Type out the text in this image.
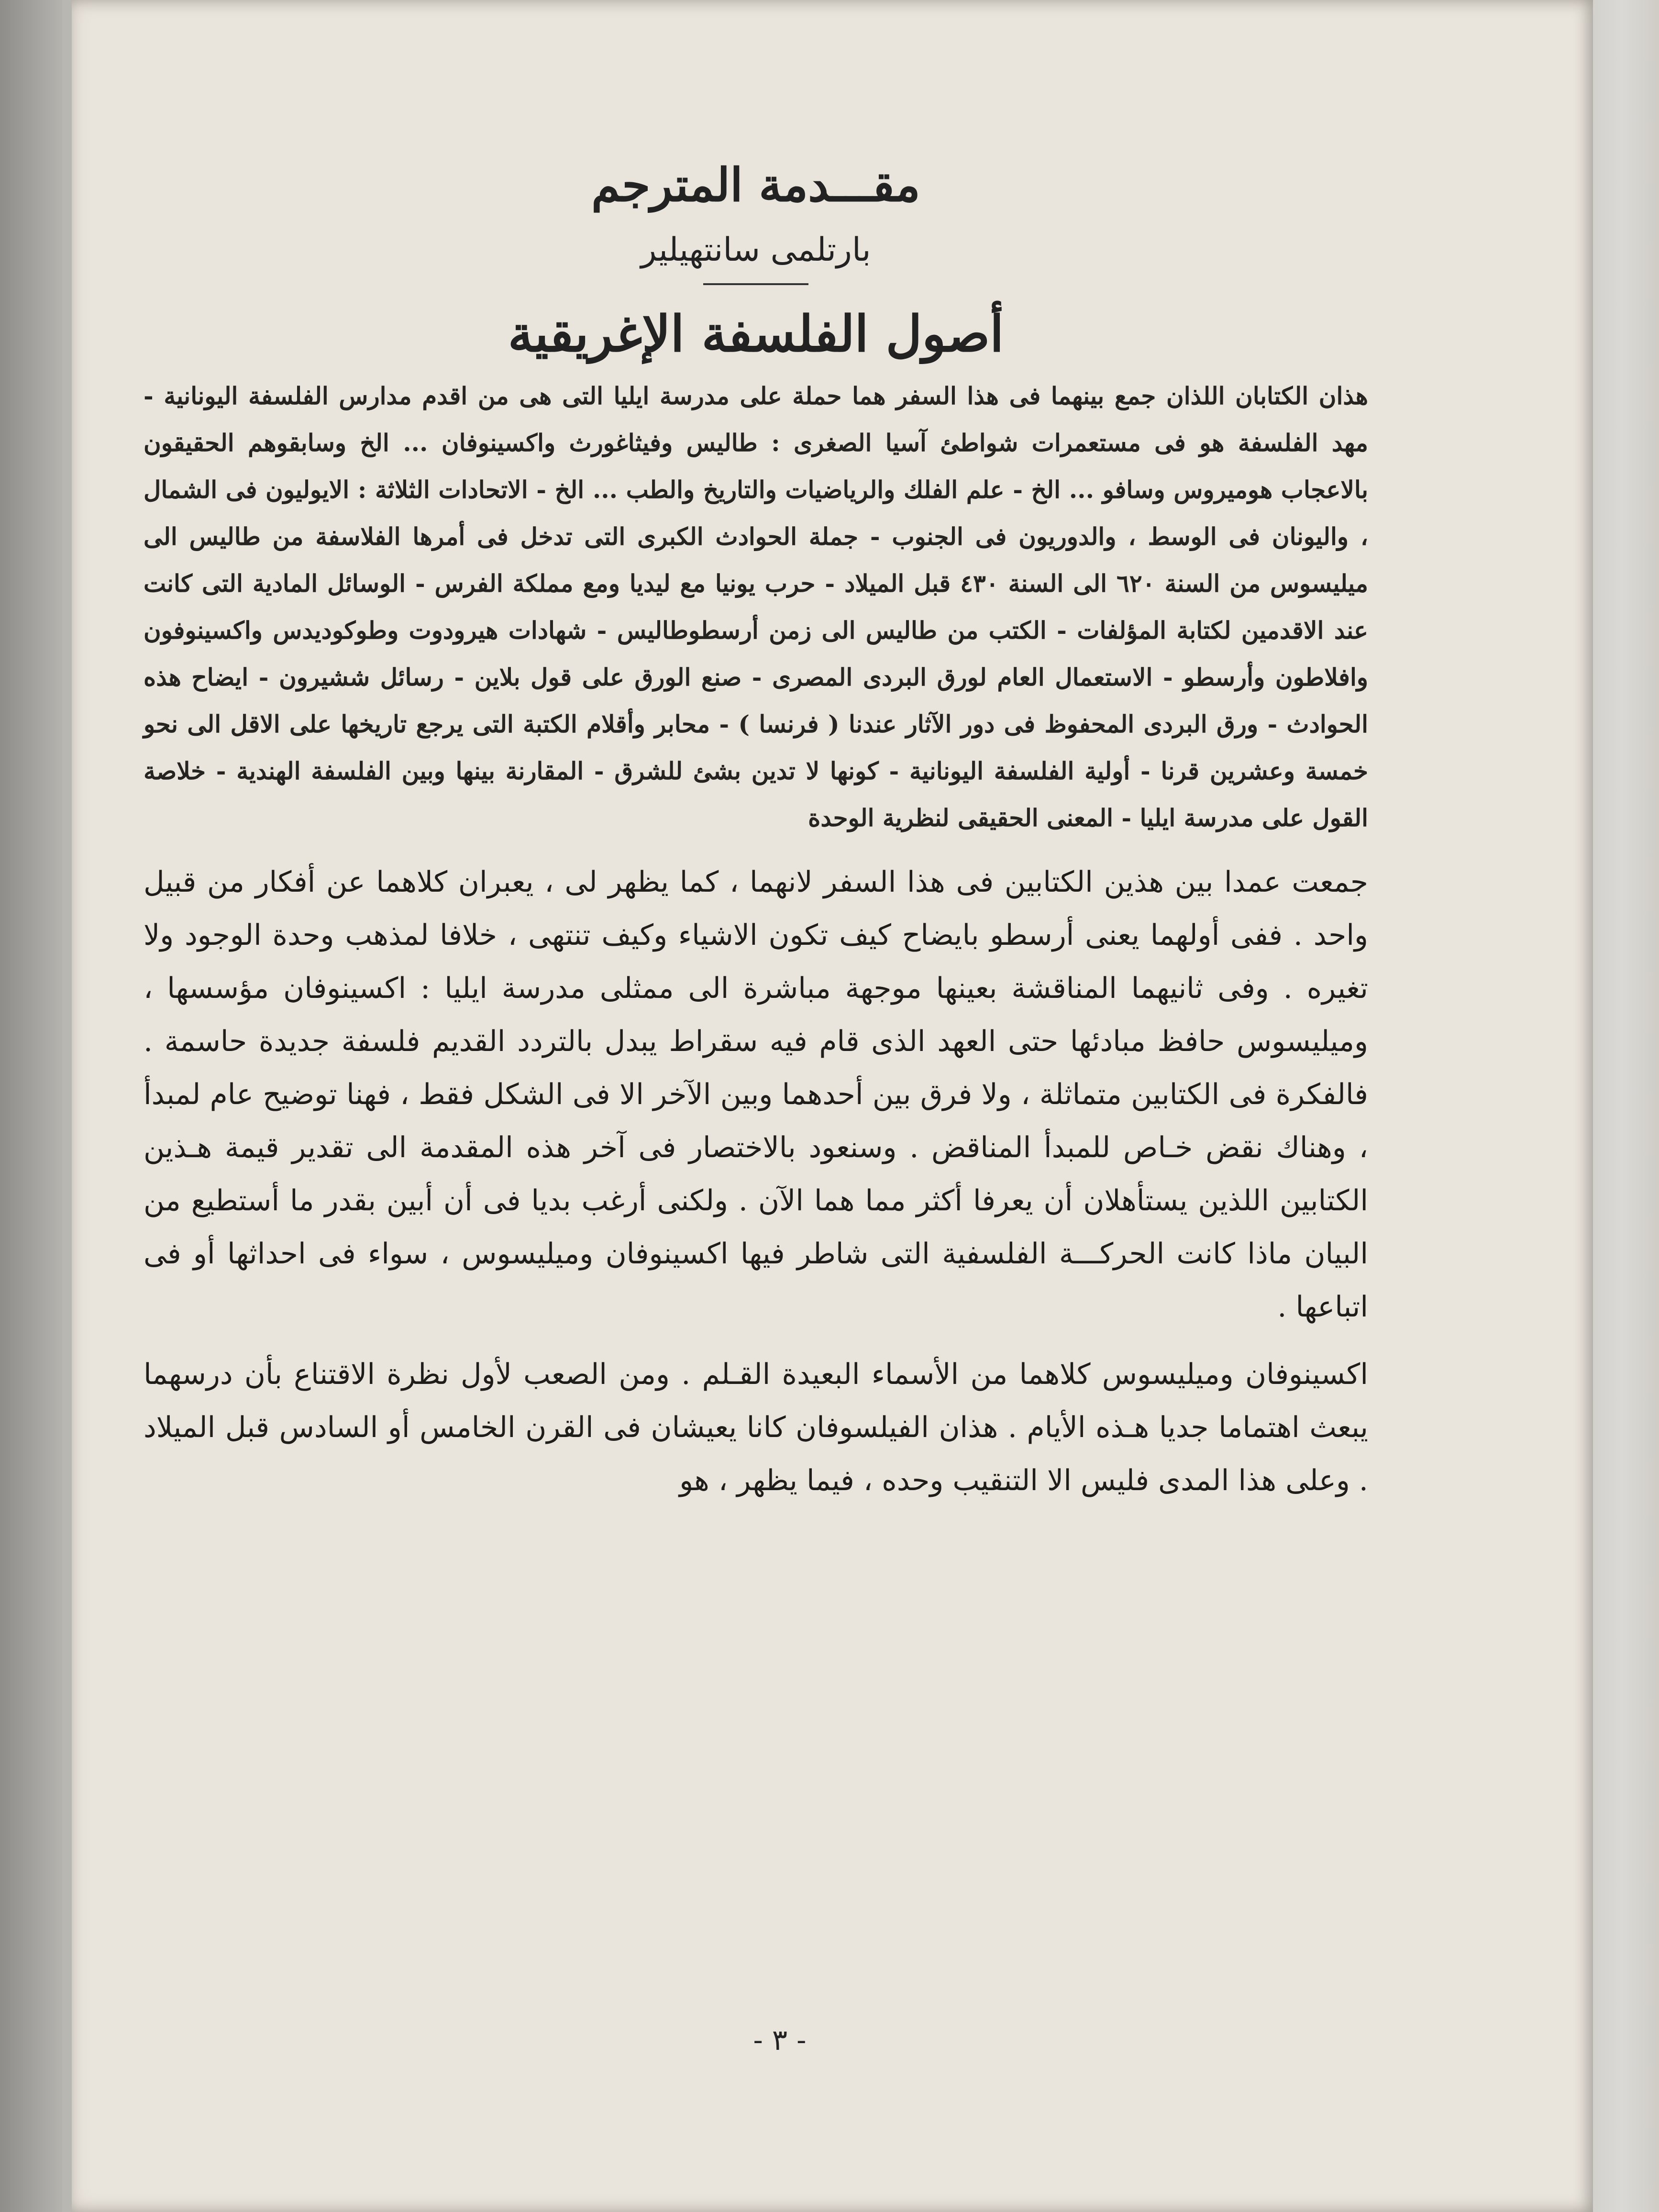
مقـــدمة المترجم
بارتلمى سانتهيلير
أصول الفلسفة الإغريقية

هذان الكتابان اللذان جمع بينهما فى هذا السفر هما حملة على مدرسة ايليا التى هى من اقدم مدارس الفلسفة اليونانية - مهد الفلسفة هو فى مستعمرات شواطئ آسيا الصغرى : طاليس وفيثاغورث واكسينوفان ... الخ وسابقوهم الحقيقون بالاعجاب هوميروس وسافو ... الخ - علم الفلك والرياضيات والتاريخ والطب ... الخ - الاتحادات الثلاثة : الايوليون فى الشمال ، واليونان فى الوسط ، والدوريون فى الجنوب - جملة الحوادث الكبرى التى تدخل فى أمرها الفلاسفة من طاليس الى ميليسوس من السنة ٦٢٠ الى السنة ٤٣٠ قبل الميلاد - حرب يونيا مع ليديا ومع مملكة الفرس - الوسائل المادية التى كانت عند الاقدمين لكتابة المؤلفات - الكتب من طاليس الى زمن أرسطوطاليس - شهادات هيرودوت وطوكوديدس واكسينوفون وافلاطون وأرسطو - الاستعمال العام لورق البردى المصرى - صنع الورق على قول بلاين - رسائل ششيرون - ايضاح هذه الحوادث - ورق البردى المحفوظ فى دور الآثار عندنا ( فرنسا ) - محابر وأقلام الكتبة التى يرجع تاريخها على الاقل الى نحو خمسة وعشرين قرنا - أولية الفلسفة اليونانية - كونها لا تدين بشئ للشرق - المقارنة بينها وبين الفلسفة الهندية - خلاصة القول على مدرسة ايليا - المعنى الحقيقى لنظرية الوحدة

جمعت عمدا بين هذين الكتابين فى هذا السفر لانهما ، كما يظهر لى ، يعبران كلاهما عن أفكار من قبيل واحد . ففى أولهما يعنى أرسطو بايضاح كيف تكون الاشياء وكيف تنتهى ، خلافا لمذهب وحدة الوجود ولا تغيره . وفى ثانيهما المناقشة بعينها موجهة مباشرة الى ممثلى مدرسة ايليا : اكسينوفان مؤسسها ، وميليسوس حافظ مبادئها حتى العهد الذى قام فيه سقراط يبدل بالتردد القديم فلسفة جديدة حاسمة . فالفكرة فى الكتابين متماثلة ، ولا فرق بين أحدهما وبين الآخر الا فى الشكل فقط ، فهنا توضيح عام لمبدأ ، وهناك نقض خـاص للمبدأ المناقض . وسنعود بالاختصار فى آخر هذه المقدمة الى تقدير قيمة هـذين الكتابين اللذين يستأهلان أن يعرفا أكثر مما هما الآن . ولكنى أرغب بديا فى أن أبين بقدر ما أستطيع من البيان ماذا كانت الحركـــة الفلسفية التى شاطر فيها اكسينوفان وميليسوس ، سواء فى احداثها أو فى اتباعها .

اكسينوفان وميليسوس كلاهما من الأسماء البعيدة القـلم . ومن الصعب لأول نظرة الاقتناع بأن درسهما يبعث اهتماما جديا هـذه الأيام . هذان الفيلسوفان كانا يعيشان فى القرن الخامس أو السادس قبل الميلاد . وعلى هذا المدى فليس الا التنقيب وحده ، فيما يظهر ، هو

- ٣ -
